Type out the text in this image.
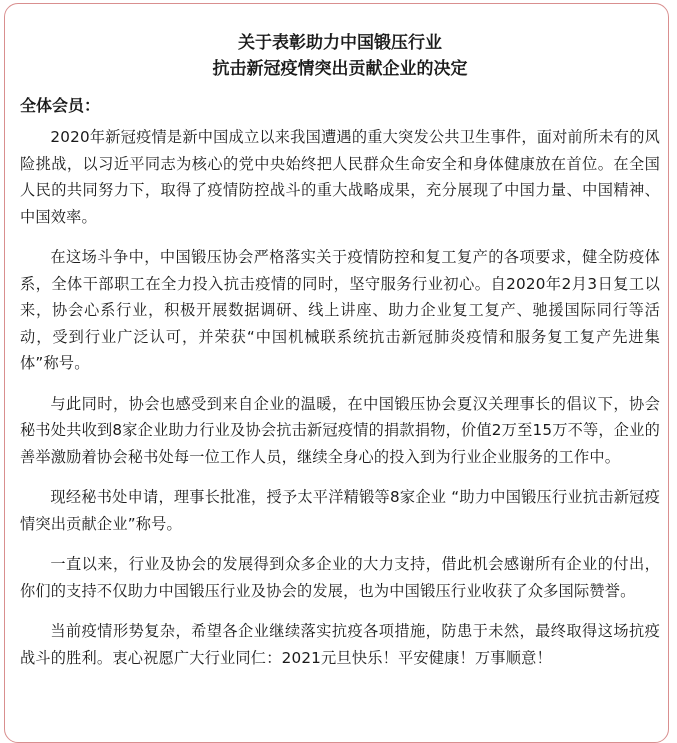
关于表彰助力中国锻压行业

抗击新冠疫情突出贡献企业的决定

全体会员：

2020年新冠疫情是新中国成立以来我国遭遇的重大突发公共卫生事件，面对前所未有的风险挑战，以习近平同志为核心的党中央始终把人民群众生命安全和身体健康放在首位。在全国人民的共同努力下，取得了疫情防控战斗的重大战略成果，充分展现了中国力量、中国精神、中国效率。

在这场斗争中，中国锻压协会严格落实关于疫情防控和复工复产的各项要求，健全防疫体系，全体干部职工在全力投入抗击疫情的同时，坚守服务行业初心。自2020年2月3日复工以来，协会心系行业，积极开展数据调研、线上讲座、助力企业复工复产、驰援国际同行等活动，受到行业广泛认可，并荣获“中国机械联系统抗击新冠肺炎疫情和服务复工复产先进集体”称号。

与此同时，协会也感受到来自企业的温暖，在中国锻压协会夏汉关理事长的倡议下，协会秘书处共收到8家企业助力行业及协会抗击新冠疫情的捐款捐物，价值2万至15万不等，企业的善举激励着协会秘书处每一位工作人员，继续全身心的投入到为行业企业服务的工作中。

现经秘书处申请，理事长批准，授予太平洋精锻等8家企业 “助力中国锻压行业抗击新冠疫情突出贡献企业”称号。

一直以来，行业及协会的发展得到众多企业的大力支持，借此机会感谢所有企业的付出，你们的支持不仅助力中国锻压行业及协会的发展，也为中国锻压行业收获了众多国际赞誉。

当前疫情形势复杂，希望各企业继续落实抗疫各项措施，防患于未然，最终取得这场抗疫战斗的胜利。衷心祝愿广大行业同仁：2021元旦快乐！平安健康！万事顺意！
